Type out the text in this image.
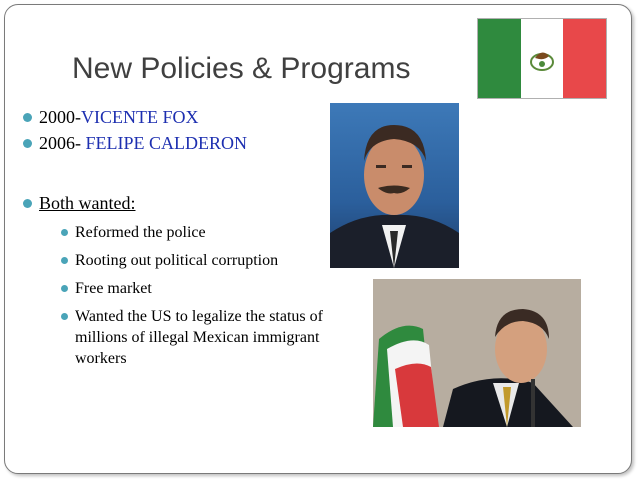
New Policies & Programs
2000-VICENTE FOX
2006- FELIPE CALDERON
Both wanted:
Reformed the police
Rooting out political corruption
Free market
Wanted the US to legalize the status of millions of illegal Mexican immigrant workers
